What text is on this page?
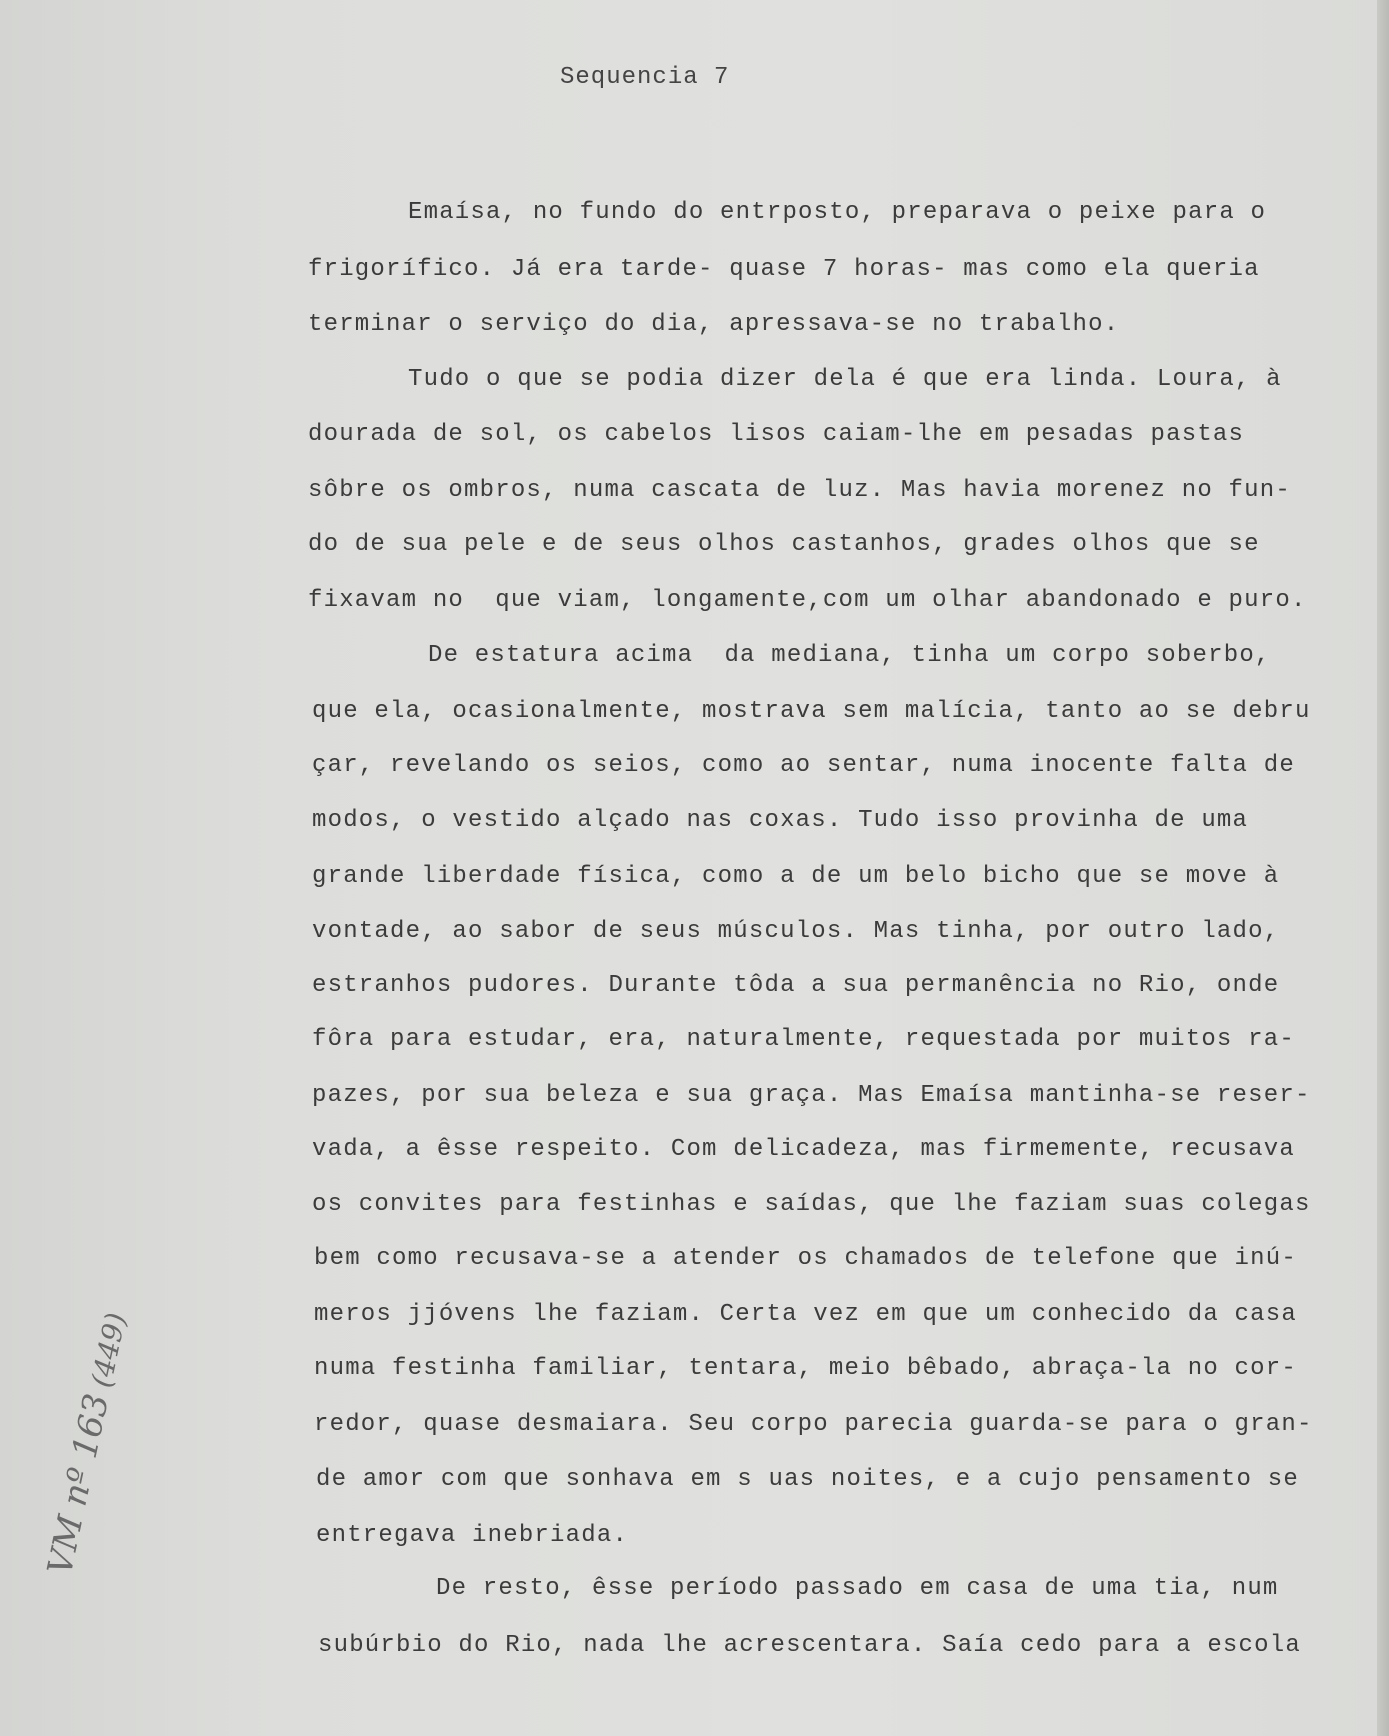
Sequencia 7
Emaísa, no fundo do entrposto, preparava o peixe para o
frigorífico. Já era tarde- quase 7 horas- mas como ela queria
terminar o serviço do dia, apressava-se no trabalho.
Tudo o que se podia dizer dela é que era linda. Loura, à
dourada de sol, os cabelos lisos caiam-lhe em pesadas pastas
sôbre os ombros, numa cascata de luz. Mas havia morenez no fun-
do de sua pele e de seus olhos castanhos, grades olhos que se
fixavam no  que viam, longamente,com um olhar abandonado e puro.
De estatura acima  da mediana, tinha um corpo soberbo,
que ela, ocasionalmente, mostrava sem malícia, tanto ao se debru
çar, revelando os seios, como ao sentar, numa inocente falta de
modos, o vestido alçado nas coxas. Tudo isso provinha de uma
grande liberdade física, como a de um belo bicho que se move à
vontade, ao sabor de seus músculos. Mas tinha, por outro lado,
estranhos pudores. Durante tôda a sua permanência no Rio, onde
fôra para estudar, era, naturalmente, requestada por muitos ra-
pazes, por sua beleza e sua graça. Mas Emaísa mantinha-se reser-
vada, a êsse respeito. Com delicadeza, mas firmemente, recusava
os convites para festinhas e saídas, que lhe faziam suas colegas
bem como recusava-se a atender os chamados de telefone que inú-
meros jjóvens lhe faziam. Certa vez em que um conhecido da casa
numa festinha familiar, tentara, meio bêbado, abraça-la no cor-
redor, quase desmaiara. Seu corpo parecia guarda-se para o gran-
de amor com que sonhava em s uas noites, e a cujo pensamento se
entregava inebriada.
De resto, êsse período passado em casa de uma tia, num
subúrbio do Rio, nada lhe acrescentara. Saía cedo para a escola
VM nº 163(449)
